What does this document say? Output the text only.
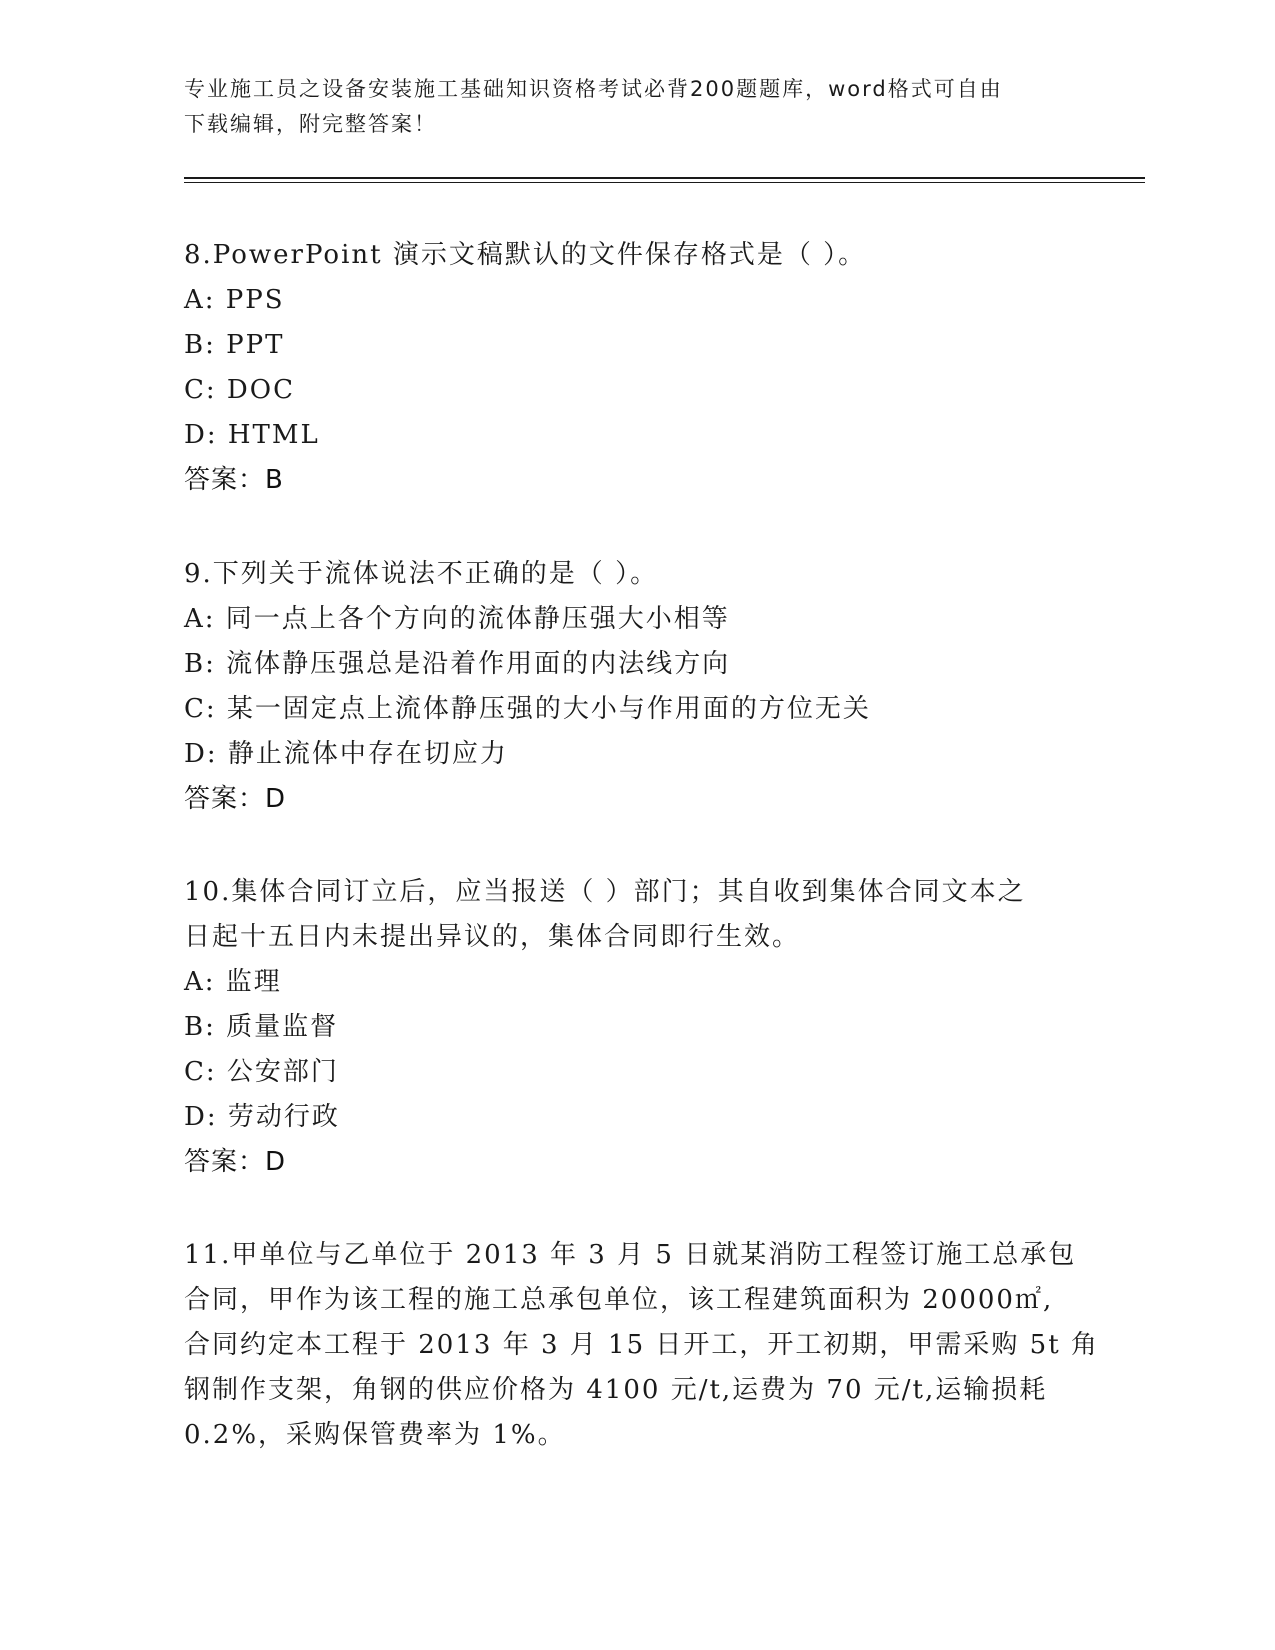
专业施工员之设备安装施工基础知识资格考试必背200题题库，word格式可自由
下载编辑，附完整答案！
8.PowerPoint 演示文稿默认的文件保存格式是（ ）。
A: PPS
B: PPT
C: DOC
D: HTML
答案：B
9.下列关于流体说法不正确的是（ ）。
A: 同一点上各个方向的流体静压强大小相等
B: 流体静压强总是沿着作用面的内法线方向
C: 某一固定点上流体静压强的大小与作用面的方位无关
D: 静止流体中存在切应力
答案：D
10.集体合同订立后，应当报送（ ）部门；其自收到集体合同文本之
日起十五日内未提出异议的，集体合同即行生效。
A: 监理
B: 质量监督
C: 公安部门
D: 劳动行政
答案：D
11.甲单位与乙单位于 2013 年 3 月 5 日就某消防工程签订施工总承包
合同，甲作为该工程的施工总承包单位，该工程建筑面积为 20000㎡,
合同约定本工程于 2013 年 3 月 15 日开工，开工初期，甲需采购 5t 角
钢制作支架，角钢的供应价格为 4100 元/t,运费为 70 元/t,运输损耗
0.2%，采购保管费率为 1%。
